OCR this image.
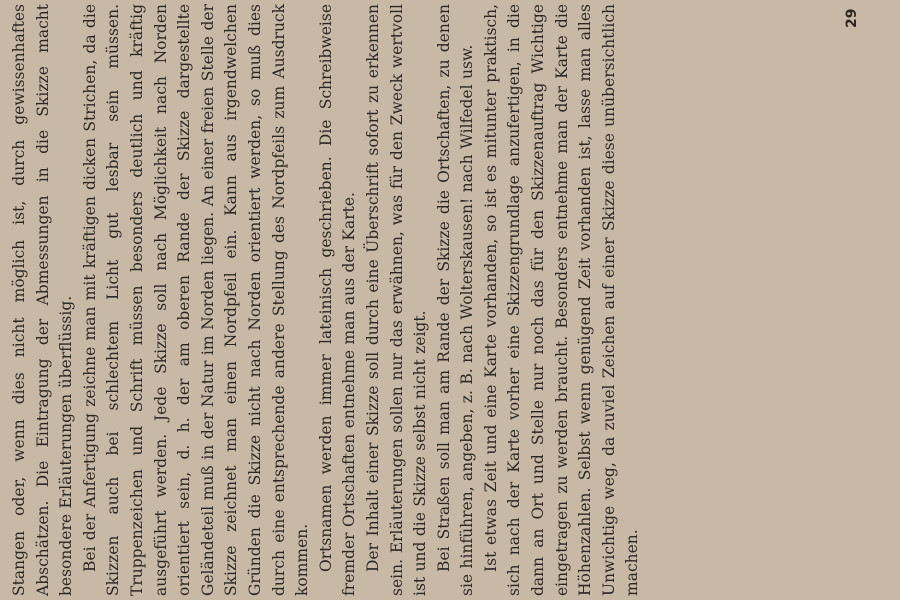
Stangen oder, wenn dies nicht möglich ist, durch gewissenhaftes Abschätzen. Die Eintragung der Abmessungen in die Skizze macht besondere Erläuterungen überflüssig. Bei der Anfertigung zeichne man mit kräftigen dicken Strichen, da die Skizzen auch bei schlechtem Licht gut lesbar sein müssen. Truppenzeichen und Schrift müssen besonders deutlich und kräftig ausgeführt werden. Jede Skizze soll nach Möglichkeit nach Norden orientiert sein, d. h. der am oberen Rande der Skizze dargestellte Geländeteil muß in der Natur im Norden liegen. An einer freien Stelle der Skizze zeichnet man einen Nordpfeil ein. Kann aus irgendwelchen Gründen die Skizze nicht nach Norden orientiert werden, so muß dies durch eine entsprechende andere Stellung des Nordpfeils zum Ausdruck kommen. Ortsnamen werden immer lateinisch geschrieben. Die Schreibweise fremder Ortschaften entnehme man aus der Karte. Der Inhalt einer Skizze soll durch eine Überschrift sofort zu erkennen sein. Erläuterungen sollen nur das erwähnen, was für den Zweck wertvoll ist und die Skizze selbst nicht zeigt. Bei Straßen soll man am Rande der Skizze die Ortschaften, zu denen sie hinführen, angeben, z. B. nach Wolterskausen! nach Wilfedel usw. Ist etwas Zeit und eine Karte vorhanden, so ist es mitunter praktisch, sich nach der Karte vorher eine Skizzengrundlage anzufertigen, in die dann an Ort und Stelle nur noch das für den Skizzenauftrag Wichtige eingetragen zu werden braucht. Besonders entnehme man der Karte die Höhenzahlen. Selbst wenn genügend Zeit vorhanden ist, lasse man alles Unwichtige weg, da zuviel Zeichen auf einer Skizze diese unübersichtlich machen.

29
